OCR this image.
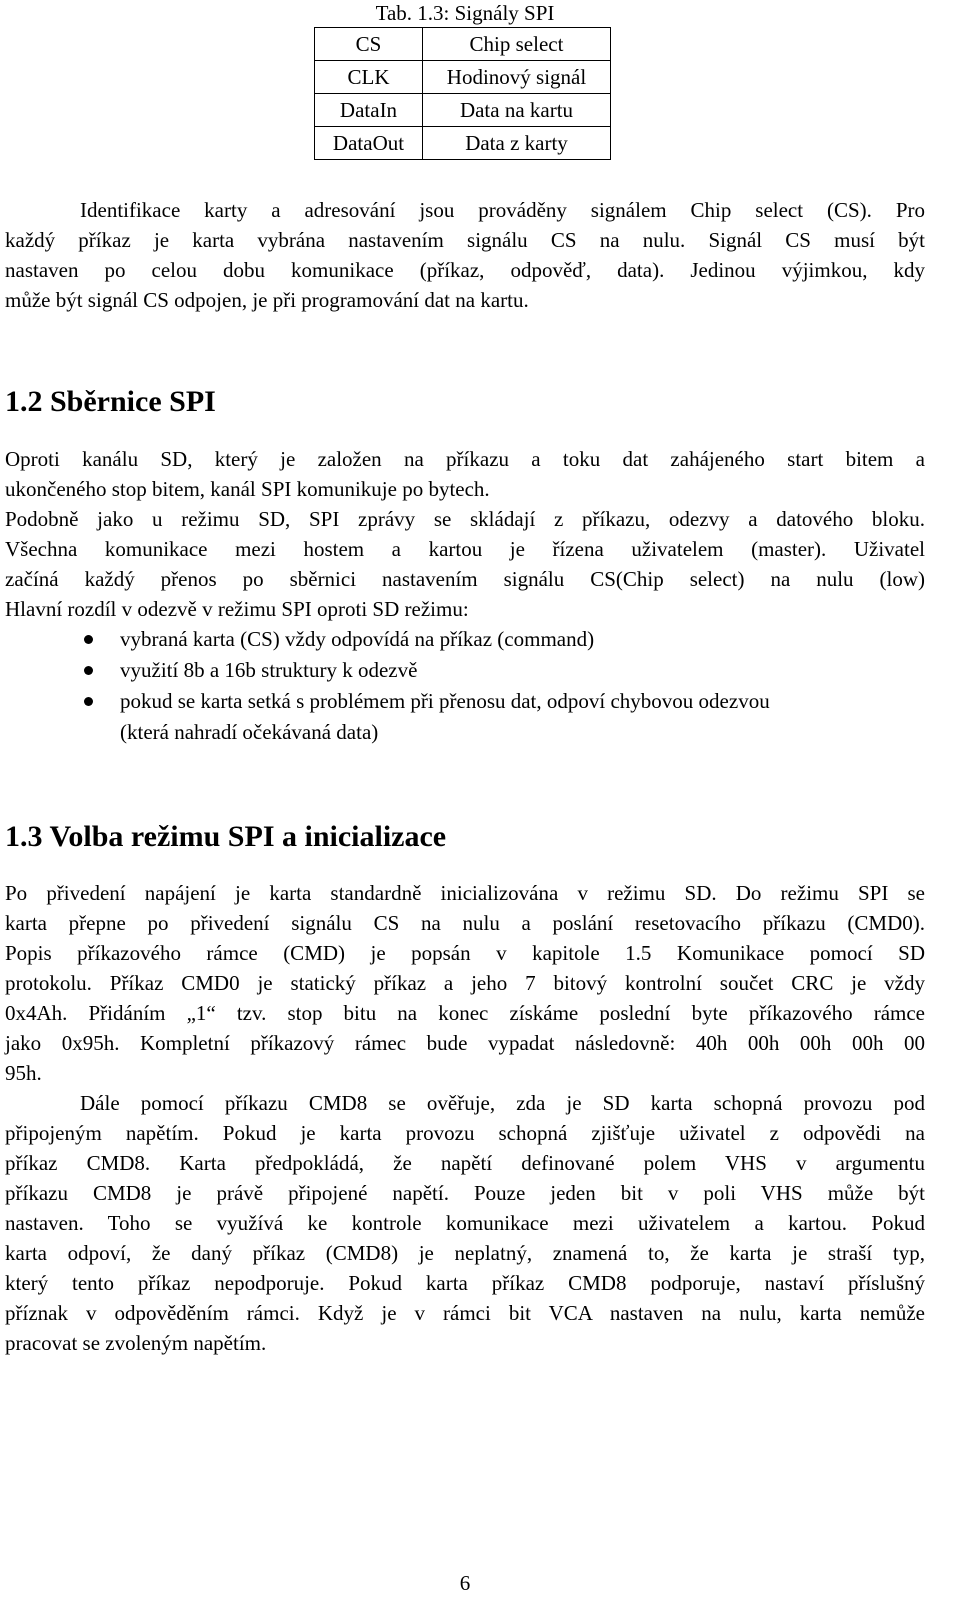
Tab. 1.3: Signály SPI
CS	Chip select
CLK	Hodinový signál
DataIn	Data na kartu
DataOut	Data z karty
Identifikace karty a adresování jsou prováděny signálem Chip select (CS). Pro
každý příkaz je karta vybrána nastavením signálu CS na nulu. Signál CS musí být
nastaven po celou dobu komunikace (příkaz, odpověď, data). Jedinou výjimkou, kdy
může být signál CS odpojen, je při programování dat na kartu.
1.2 Sběrnice SPI
Oproti kanálu SD, který je založen na příkazu a toku dat zahájeného start bitem a
ukončeného stop bitem, kanál SPI komunikuje po bytech.
Podobně jako u režimu SD, SPI zprávy se skládají z příkazu, odezvy a datového bloku.
Všechna komunikace mezi hostem a kartou je řízena uživatelem (master). Uživatel
začíná každý přenos po sběrnici nastavením signálu CS(Chip select) na nulu (low)
Hlavní rozdíl v odezvě v režimu SPI oproti SD režimu:
vybraná karta (CS) vždy odpovídá na příkaz (command)
využití 8b a 16b struktury k odezvě
pokud se karta setká s problémem při přenosu dat, odpoví chybovou odezvou
(která nahradí očekávaná data)
1.3 Volba režimu SPI a inicializace
Po přivedení napájení je karta standardně inicializována v režimu SD. Do režimu SPI se
karta přepne po přivedení signálu CS na nulu a poslání resetovacího příkazu (CMD0).
Popis příkazového rámce (CMD) je popsán v kapitole 1.5 Komunikace pomocí SD
protokolu. Příkaz CMD0 je statický příkaz a jeho 7 bitový kontrolní součet CRC je vždy
0x4Ah. Přidáním „1“ tzv. stop bitu na konec získáme poslední byte příkazového rámce
jako 0x95h. Kompletní příkazový rámec bude vypadat následovně: 40h 00h 00h 00h 00
95h.
Dále pomocí příkazu CMD8 se ověřuje, zda je SD karta schopná provozu pod
připojeným napětím. Pokud je karta provozu schopná zjišťuje uživatel z odpovědi na
příkaz CMD8. Karta předpokládá, že napětí definované polem VHS v argumentu
příkazu CMD8 je právě připojené napětí. Pouze jeden bit v poli VHS může být
nastaven. Toho se využívá ke kontrole komunikace mezi uživatelem a kartou. Pokud
karta odpoví, že daný příkaz (CMD8) je neplatný, znamená to, že karta je straší typ,
který tento příkaz nepodporuje. Pokud karta příkaz CMD8 podporuje, nastaví příslušný
příznak v odpověděním rámci. Když je v rámci bit VCA nastaven na nulu, karta nemůže
pracovat se zvoleným napětím.
6
